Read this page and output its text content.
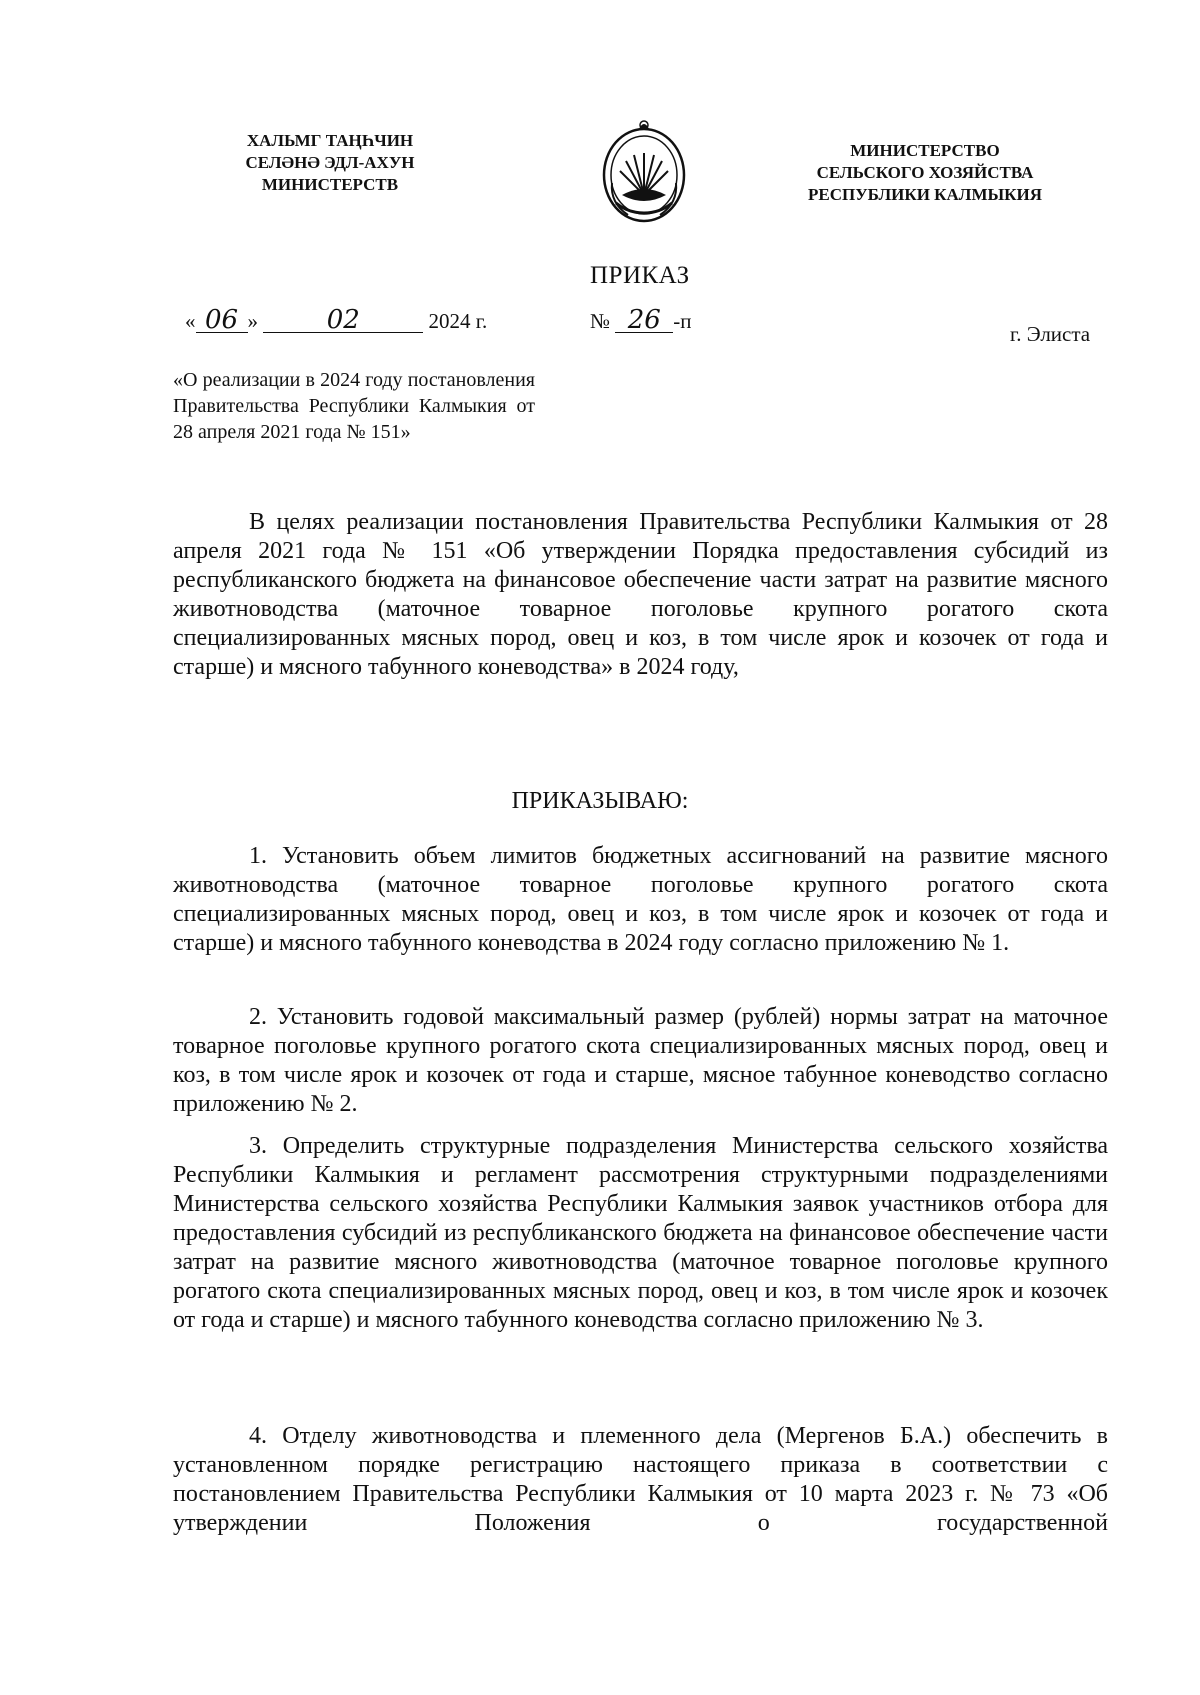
ХАЛЬМГ ТАҢҺЧИН
СЕЛӘНӘ ЭДЛ-АХУН
МИНИСТЕРСТВ
МИНИСТЕРСТВО
СЕЛЬСКОГО ХОЗЯЙСТВА
РЕСПУБЛИКИ КАЛМЫКИЯ
ПРИКАЗ
« 06 »	02	2024 г.	№ 26 -п
г. Элиста
«О реализации в 2024 году постановления Правительства Республики Калмыкия от 28 апреля 2021 года № 151»

В целях реализации постановления Правительства Республики Калмыкия от 28 апреля 2021 года № 151 «Об утверждении Порядка предоставления субсидий из республиканского бюджета на финансовое обеспечение части затрат на развитие мясного животноводства (маточное товарное поголовье крупного рогатого скота специализированных мясных пород, овец и коз, в том числе ярок и козочек от года и старше) и мясного табунного коневодства» в 2024 году,

ПРИКАЗЫВАЮ:

1. Установить объем лимитов бюджетных ассигнований на развитие мясного животноводства (маточное товарное поголовье крупного рогатого скота специализированных мясных пород, овец и коз, в том числе ярок и козочек от года и старше) и мясного табунного коневодства в 2024 году согласно приложению № 1.

2. Установить годовой максимальный размер (рублей) нормы затрат на маточное товарное поголовье крупного рогатого скота специализированных мясных пород, овец и коз, в том числе ярок и козочек от года и старше, мясное табунное коневодство согласно приложению № 2.

3. Определить структурные подразделения Министерства сельского хозяйства Республики Калмыкия и регламент рассмотрения структурными подразделениями Министерства сельского хозяйства Республики Калмыкия заявок участников отбора для предоставления субсидий из республиканского бюджета на финансовое обеспечение части затрат на развитие мясного животноводства (маточное товарное поголовье крупного рогатого скота специализированных мясных пород, овец и коз, в том числе ярок и козочек от года и старше) и мясного табунного коневодства согласно приложению № 3.

4. Отделу животноводства и племенного дела (Мергенов Б.А.) обеспечить в установленном порядке регистрацию настоящего приказа в соответствии с постановлением Правительства Республики Калмыкия от 10 марта 2023 г. № 73 «Об утверждении Положения о государственной
